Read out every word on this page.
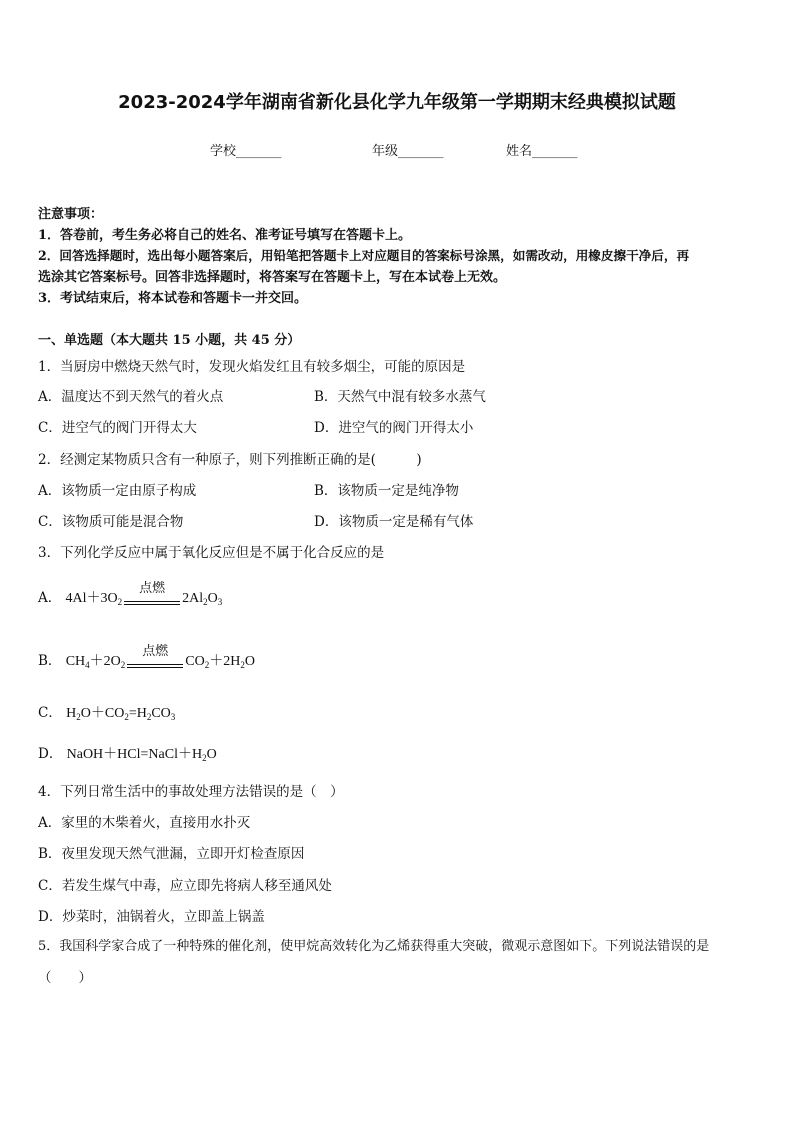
2023-2024学年湖南省新化县化学九年级第一学期期末经典模拟试题
学校_______	年级_______	姓名_______
注意事项：
1．答卷前，考生务必将自己的姓名、准考证号填写在答题卡上。
2．回答选择题时，选出每小题答案后，用铅笔把答题卡上对应题目的答案标号涂黑，如需改动，用橡皮擦干净后，再
选涂其它答案标号。回答非选择题时，将答案写在答题卡上，写在本试卷上无效。
3．考试结束后，将本试卷和答题卡一并交回。
一、单选题（本大题共 15 小题，共 45 分）
1．当厨房中燃烧天然气时，发现火焰发红且有较多烟尘，可能的原因是
A．温度达不到天然气的着火点	B．天然气中混有较多水蒸气
C．进空气的阀门开得太大	D．进空气的阀门开得太小
2．经测定某物质只含有一种原子，则下列推断正确的是(　　　)
A．该物质一定由原子构成	B．该物质一定是纯净物
C．该物质可能是混合物	D．该物质一定是稀有气体
3．下列化学反应中属于氧化反应但是不属于化合反应的是
A． $4Al+3O_2$
点燃
$2Al_2$ $O_3$
B． $CH_4 +2O_2$
点燃
$CO_2 +2H_2$ O
C． $H_2$ $O+CO_2 =H_2$ $CO_3$
D． $NaOH+HCl=NaCl+H_2$ O
4．下列日常生活中的事故处理方法错误的是（　）
A．家里的木柴着火，直接用水扑灭
B．夜里发现天然气泄漏，立即开灯检查原因
C．若发生煤气中毒，应立即先将病人移至通风处
D．炒菜时，油锅着火，立即盖上锅盖
5．我国科学家合成了一种特殊的催化剂，使甲烷高效转化为乙烯获得重大突破，微观示意图如下。下列说法错误的是
（　　）
